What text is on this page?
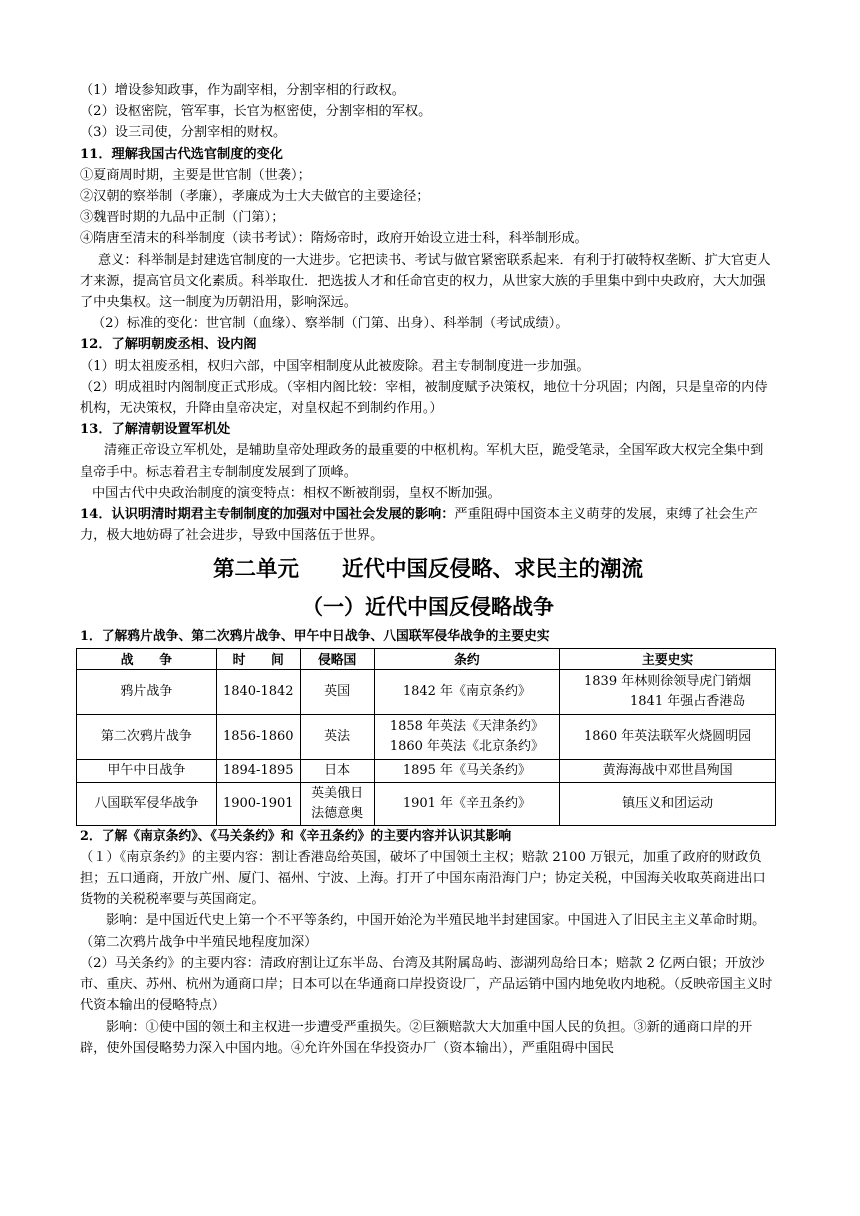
（1）增设参知政事，作为副宰相，分割宰相的行政权。
（2）设枢密院，管军事，长官为枢密使，分割宰相的军权。
（3）设三司使，分割宰相的财权。
11．理解我国古代选官制度的变化
①夏商周时期，主要是世官制（世袭）；
②汉朝的察举制（孝廉），孝廉成为士大夫做官的主要途径；
③魏晋时期的九品中正制（门第）；
④隋唐至清末的科举制度（读书考试）：隋炀帝时，政府开始设立进士科，科举制形成。
意义：科举制是封建选官制度的一大进步。它把读书、考试与做官紧密联系起来．有利于打破特权垄断、扩大官吏人才来源，提高官员文化素质。科举取仕．把选拔人才和任命官吏的权力，从世家大族的手里集中到中央政府，大大加强了中央集权。这一制度为历朝沿用，影响深远。
（2）标准的变化：世官制（血缘）、察举制（门第、出身）、科举制（考试成绩）。
12．了解明朝废丞相、设内阁
（1）明太祖废丞相，权归六部，中国宰相制度从此被废除。君主专制制度进一步加强。
（2）明成祖时内阁制度正式形成。（宰相内阁比较：宰相，被制度赋予决策权，地位十分巩固；内阁，只是皇帝的内侍机构，无决策权，升降由皇帝决定，对皇权起不到制约作用。）
13．了解清朝设置军机处
清雍正帝设立军机处，是辅助皇帝处理政务的最重要的中枢机构。军机大臣，跪受笔录，全国军政大权完全集中到皇帝手中。标志着君主专制制度发展到了顶峰。
中国古代中央政治制度的演变特点：相权不断被削弱，皇权不断加强。
14．认识明清时期君主专制制度的加强对中国社会发展的影响：严重阻碍中国资本主义萌芽的发展，束缚了社会生产力，极大地妨碍了社会进步，导致中国落伍于世界。
第二单元　　近代中国反侵略、求民主的潮流
（一）近代中国反侵略战争
1．了解鸦片战争、第二次鸦片战争、甲午中日战争、八国联军侵华战争的主要史实
战　　争	时　　间	侵略国	条约	主要史实
鸦片战争	1840-1842	英国	1842 年《南京条约》	1839 年林则徐领导虎门销烟
1841 年强占香港岛

第二次鸦片战争	1856-1860	英法	1858 年英法《天津条约》
1860 年英法《北京条约》	1860 年英法联军火烧圆明园
甲午中日战争	1894-1895	日本	1895 年《马关条约》	黄海海战中邓世昌殉国
八国联军侵华战争	1900-1901	英美俄日
法德意奥	1901 年《辛丑条约》	镇压义和团运动
2．了解《南京条约》、《马关条约》和《辛丑条约》的主要内容并认识其影响
（１）《南京条约》的主要内容：割让香港岛给英国，破坏了中国领土主权；赔款 2100 万银元，加重了政府的财政负担；五口通商，开放广州、厦门、福州、宁波、上海。打开了中国东南沿海门户；协定关税，中国海关收取英商进出口货物的关税税率要与英国商定。
影响：是中国近代史上第一个不平等条约，中国开始沦为半殖民地半封建国家。中国进入了旧民主主义革命时期。（第二次鸦片战争中半殖民地程度加深）
（2）马关条约》的主要内容：清政府割让辽东半岛、台湾及其附属岛屿、澎湖列岛给日本；赔款 2 亿两白银；开放沙市、重庆、苏州、杭州为通商口岸；日本可以在华通商口岸投资设厂，产品运销中国内地免收内地税。（反映帝国主义时代资本输出的侵略特点）
影响：①使中国的领土和主权进一步遭受严重损失。②巨额赔款大大加重中国人民的负担。③新的通商口岸的开辟，使外国侵略势力深入中国内地。④允许外国在华投资办厂（资本输出），严重阻碍中国民
